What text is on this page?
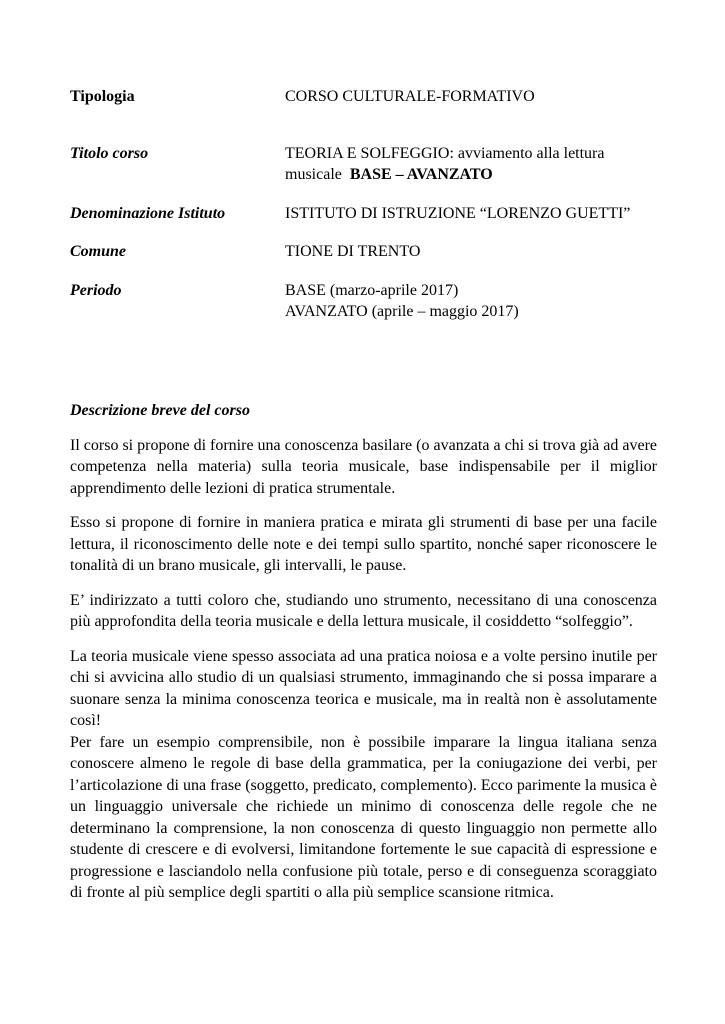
Tipologia	CORSO CULTURALE-FORMATIVO
Titolo corso	TEORIA E SOLFEGGIO: avviamento alla lettura
musicale BASE – AVANZATO
Denominazione Istituto	ISTITUTO DI ISTRUZIONE “LORENZO GUETTI”
Comune	TIONE DI TRENTO
Periodo	BASE (marzo-aprile 2017)
AVANZATO (aprile – maggio 2017)
Descrizione breve del corso

Il corso si propone di fornire una conoscenza basilare (o avanzata a chi si trova già ad avere competenza nella materia) sulla teoria musicale, base indispensabile per il miglior apprendimento delle lezioni di pratica strumentale.

Esso si propone di fornire in maniera pratica e mirata gli strumenti di base per una facile lettura, il riconoscimento delle note e dei tempi sullo spartito, nonché saper riconoscere le tonalità di un brano musicale, gli intervalli, le pause.

E’ indirizzato a tutti coloro che, studiando uno strumento, necessitano di una conoscenza più approfondita della teoria musicale e della lettura musicale, il cosiddetto “solfeggio”.

La teoria musicale viene spesso associata ad una pratica noiosa e a volte persino inutile per chi si avvicina allo studio di un qualsiasi strumento, immaginando che si possa imparare a suonare senza la minima conoscenza teorica e musicale, ma in realtà non è assolutamente così!

Per fare un esempio comprensibile, non è possibile imparare la lingua italiana senza conoscere almeno le regole di base della grammatica, per la coniugazione dei verbi, per l’articolazione di una frase (soggetto, predicato, complemento). Ecco parimente la musica è un linguaggio universale che richiede un minimo di conoscenza delle regole che ne determinano la comprensione, la non conoscenza di questo linguaggio non permette allo studente di crescere e di evolversi, limitandone fortemente le sue capacità di espressione e progressione e lasciandolo nella confusione più totale, perso e di conseguenza scoraggiato di fronte al più semplice degli spartiti o alla più semplice scansione ritmica.
